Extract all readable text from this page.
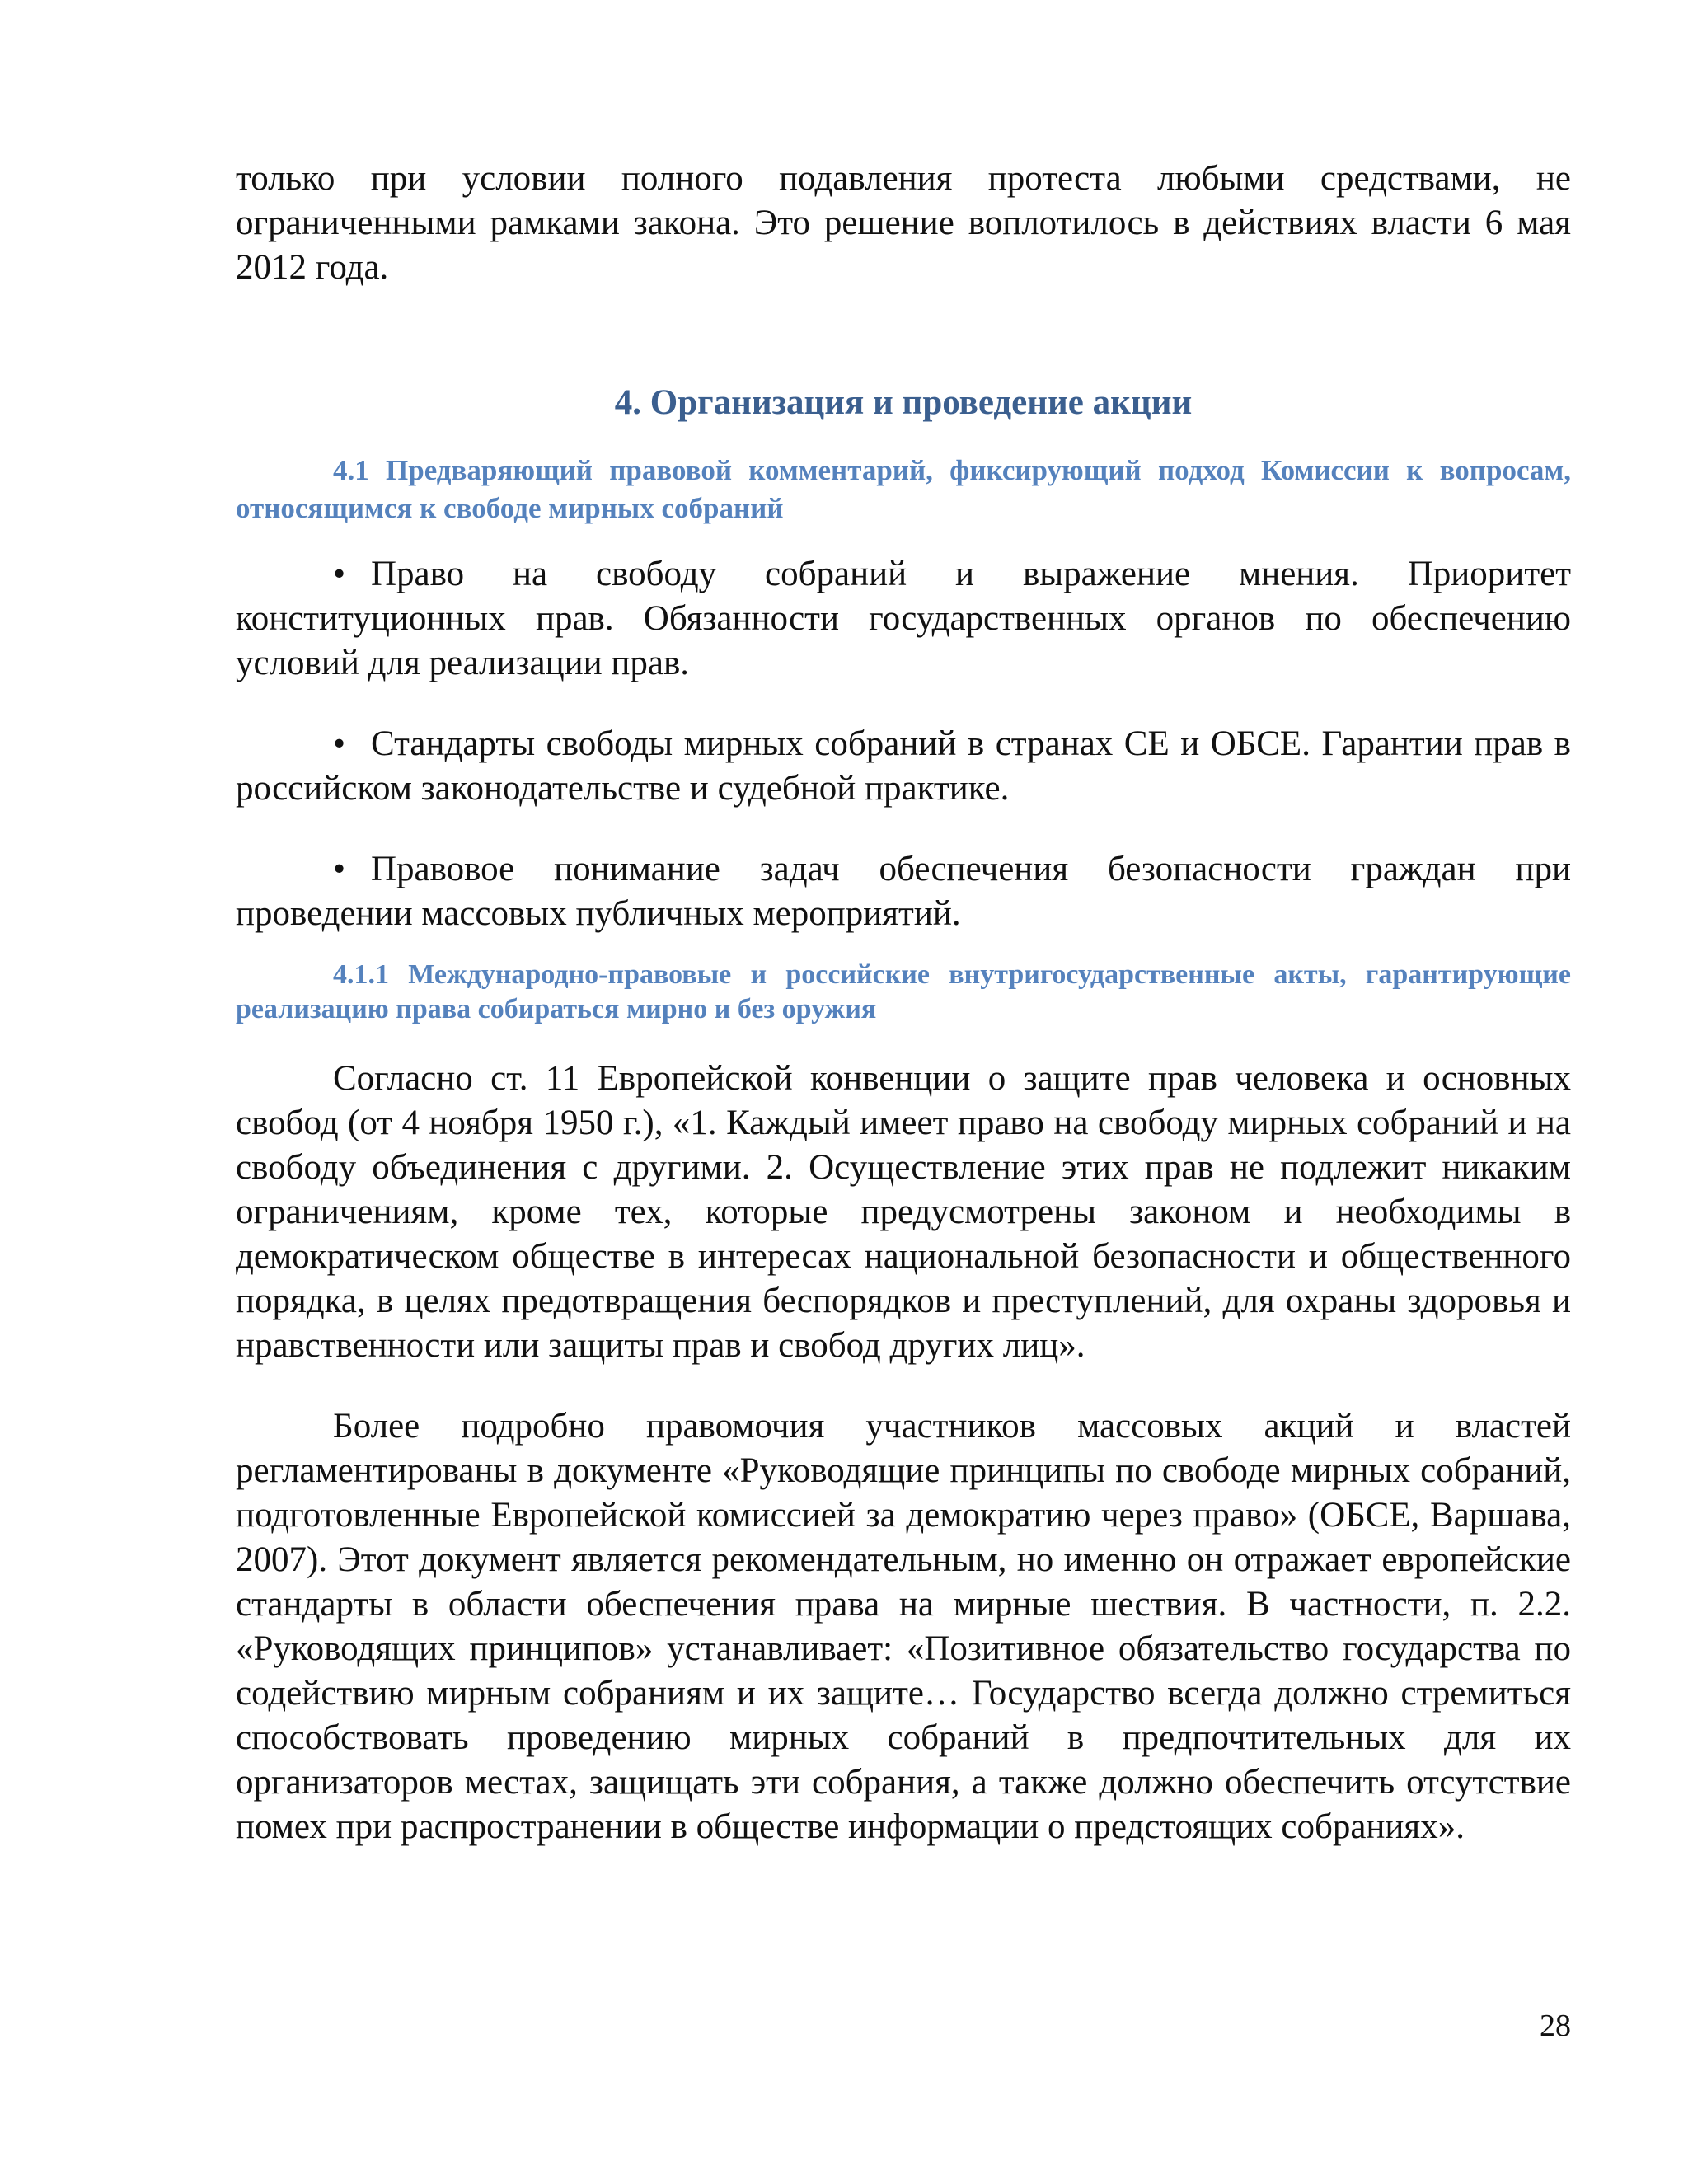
только при условии полного подавления протеста любыми средствами, не ограниченными рамками закона. Это решение воплотилось в действиях власти 6 мая 2012 года.

4. Организация и проведение акции
4.1 Предваряющий правовой комментарий, фиксирующий подход Комиссии к вопросам, относящимся к свободе мирных собраний

• Право на свободу собраний и выражение мнения. Приоритет конституционных прав. Обязанности государственных органов по обеспечению условий для реализации прав.

• Стандарты свободы мирных собраний в странах СЕ и ОБСЕ. Гарантии прав в российском законодательстве и судебной практике.

• Правовое понимание задач обеспечения безопасности граждан при проведении массовых публичных мероприятий.

4.1.1 Международно-правовые и российские внутригосударственные акты, гарантирующие реализацию права собираться мирно и без оружия

Согласно ст. 11 Европейской конвенции о защите прав человека и основных свобод (от 4 ноября 1950 г.), «1. Каждый имеет право на свободу мирных собраний и на свободу объединения с другими. 2. Осуществление этих прав не подлежит никаким ограничениям, кроме тех, которые предусмотрены законом и необходимы в демократическом обществе в интересах национальной безопасности и общественного порядка, в целях предотвращения беспорядков и преступлений, для охраны здоровья и нравственности или защиты прав и свобод других лиц».

Более подробно правомочия участников массовых акций и властей регламентированы в документе «Руководящие принципы по свободе мирных собраний, подготовленные Европейской комиссией за демократию через право» (ОБСЕ, Варшава, 2007). Этот документ является рекомендательным, но именно он отражает европейские стандарты в области обеспечения права на мирные шествия. В частности, п. 2.2. «Руководящих принципов» устанавливает: «Позитивное обязательство государства по содействию мирным собраниям и их защите… Государство всегда должно стремиться способствовать проведению мирных собраний в предпочтительных для их организаторов местах, защищать эти собрания, а также должно обеспечить отсутствие помех при распространении в обществе информации о предстоящих собраниях».

28
